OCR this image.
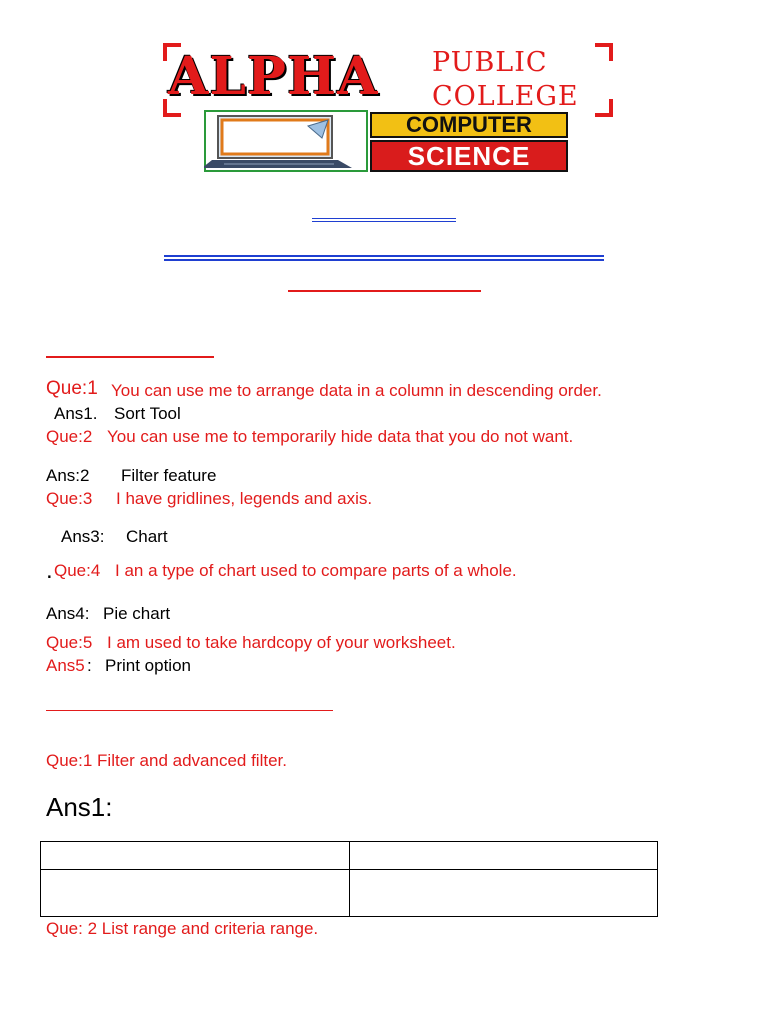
ALPHA PUBLIC
COLLEGE
COMPUTER
SCIENCE
Que:1 You can use me to arrange data in a column in descending order.
Ans1. Sort Tool
Que:2 You can use me to temporarily hide data that you do not want.
Ans:2 Filter feature
Que:3 I have gridlines, legends and axis.
Ans3: Chart
. Que:4 I an a type of chart used to compare parts of a whole.
Ans4: Pie chart
Que:5 I am used to take hardcopy of your worksheet.
Ans5 : Print option
Que:1 Filter and advanced filter.
Ans1:

Que: 2 List range and criteria range.
